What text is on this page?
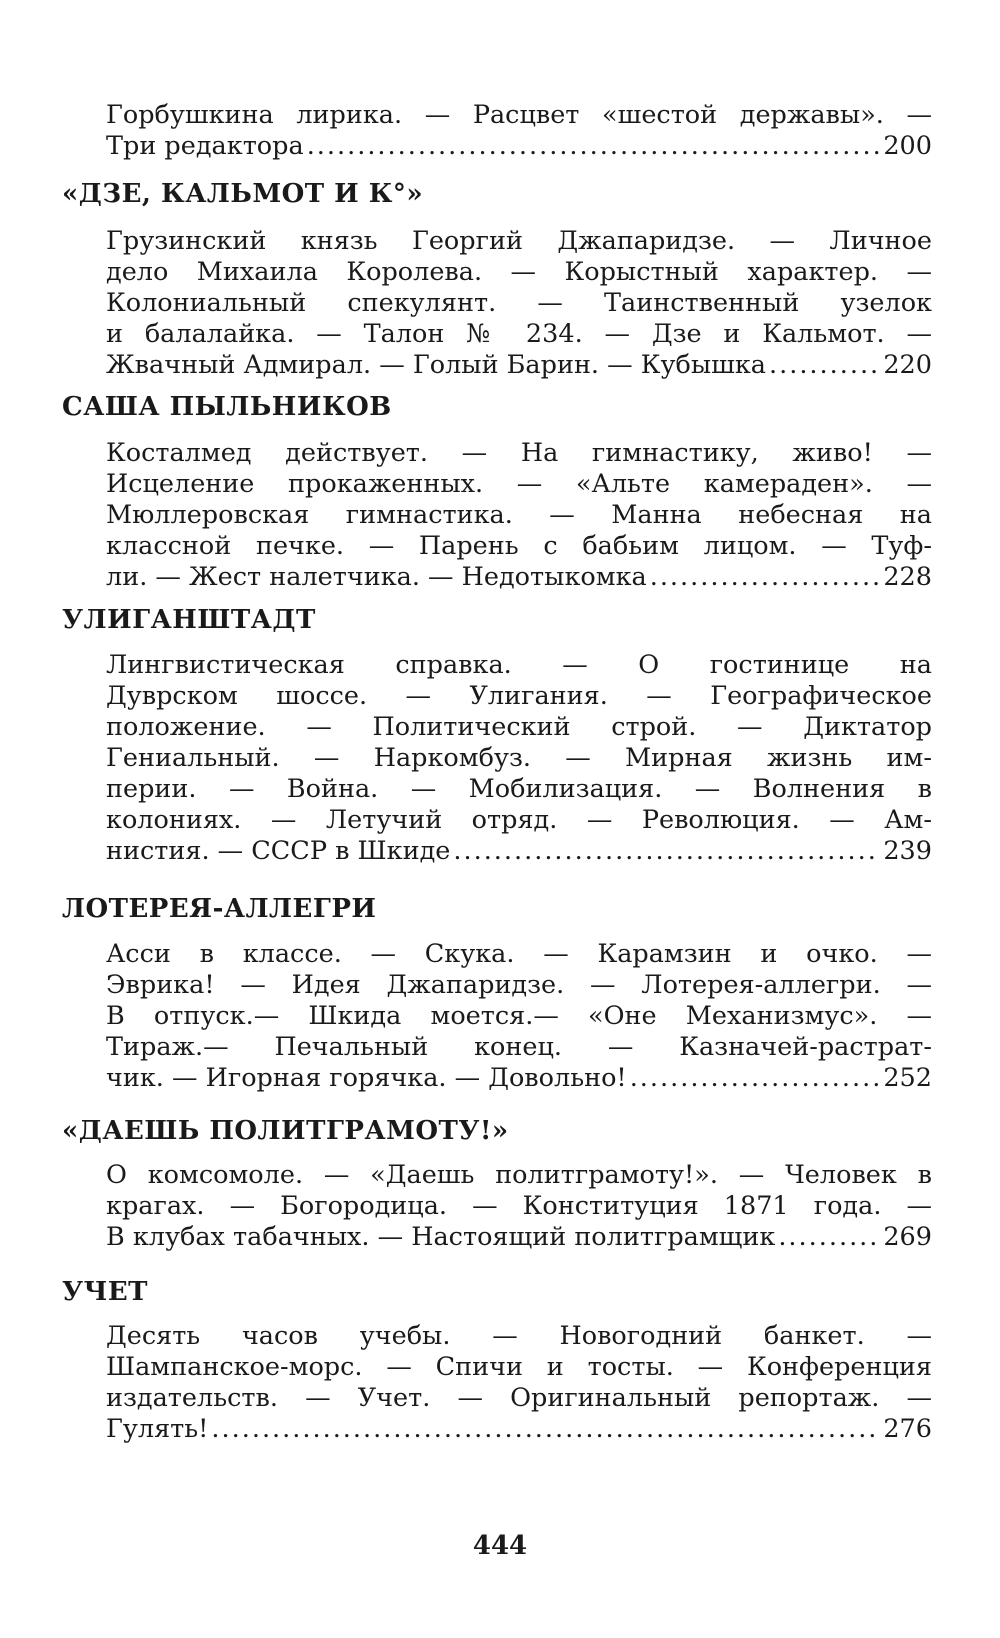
Горбушкина лирика. — Расцвет «шестой державы». —
Три редактора .....	200
«ДЗЕ, КАЛЬМОТ И К°»
Грузинский князь Георгий Джапаридзе. — Личное
дело Михаила Королева. — Корыстный характер. —
Колониальный спекулянт. — Таинственный узелок
и балалайка. — Талон № 234. — Дзе и Кальмот. —
Жвачный Адмирал. — Голый Барин. — Кубышка .....	220
САША ПЫЛЬНИКОВ
Косталмед действует. — На гимнастику, живо! —
Исцеление прокаженных. — «Альте камераден». —
Мюллеровская гимнастика. — Манна небесная на
классной печке. — Парень с бабьим лицом. — Туф-
ли. — Жест налетчика. — Недотыкомка .....	228
УЛИГАНШТАДТ
Лингвистическая справка. — О гостинице на
Дуврском шоссе. — Улигания. — Географическое
положение. — Политический строй. — Диктатор
Гениальный. — Наркомбуз. — Мирная жизнь им-
перии. — Война. — Мобилизация. — Волнения в
колониях. — Летучий отряд. — Революция. — Ам-
нистия. — СССР в Шкиде .....	239
ЛОТЕРЕЯ-АЛЛЕГРИ
Асси в классе. — Скука. — Карамзин и очко. —
Эврика! — Идея Джапаридзе. — Лотерея-аллегри. —
В отпуск.— Шкида моется.— «Оне Механизмус». —
Тираж.— Печальный конец. — Казначей-растрат-
чик. — Игорная горячка. — Довольно! .....	252
«ДАЕШЬ ПОЛИТГРАМОТУ!»
О комсомоле. — «Даешь политграмоту!». — Человек в
крагах. — Богородица. — Конституция 1871 года. —
В клубах табачных. — Настоящий политграмщик .....	269
УЧЕТ
Десять часов учебы. — Новогодний банкет. —
Шампанское-морс. — Спичи и тосты. — Конференция
издательств. — Учет. — Оригинальный репортаж. —
Гулять! .....	276
444
